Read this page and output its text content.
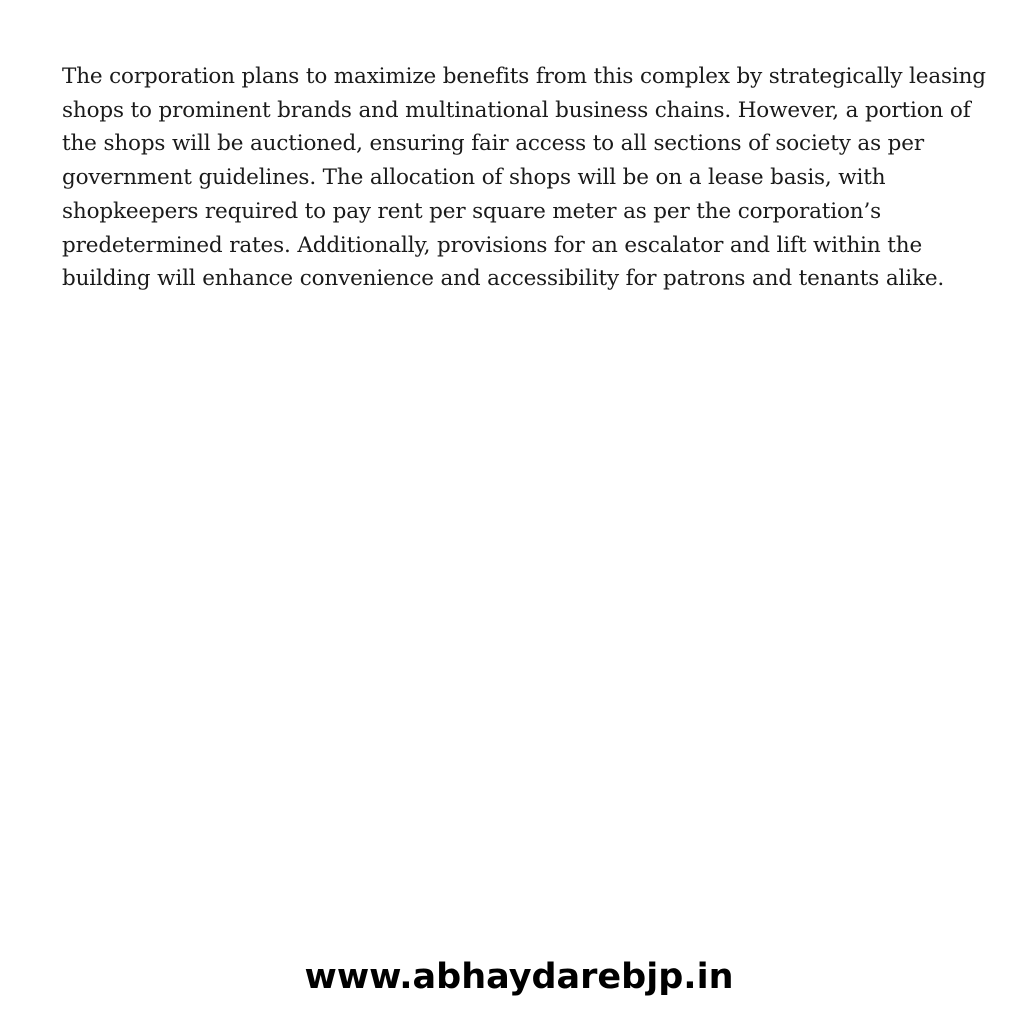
The corporation plans to maximize benefits from this complex by strategically leasing shops to prominent brands and multinational business chains. However, a portion of the shops will be auctioned, ensuring fair access to all sections of society as per government guidelines. The allocation of shops will be on a lease basis, with shopkeepers required to pay rent per square meter as per the corporation’s predetermined rates. Additionally, provisions for an escalator and lift within the building will enhance convenience and accessibility for patrons and tenants alike.

www.abhaydarebjp.in
